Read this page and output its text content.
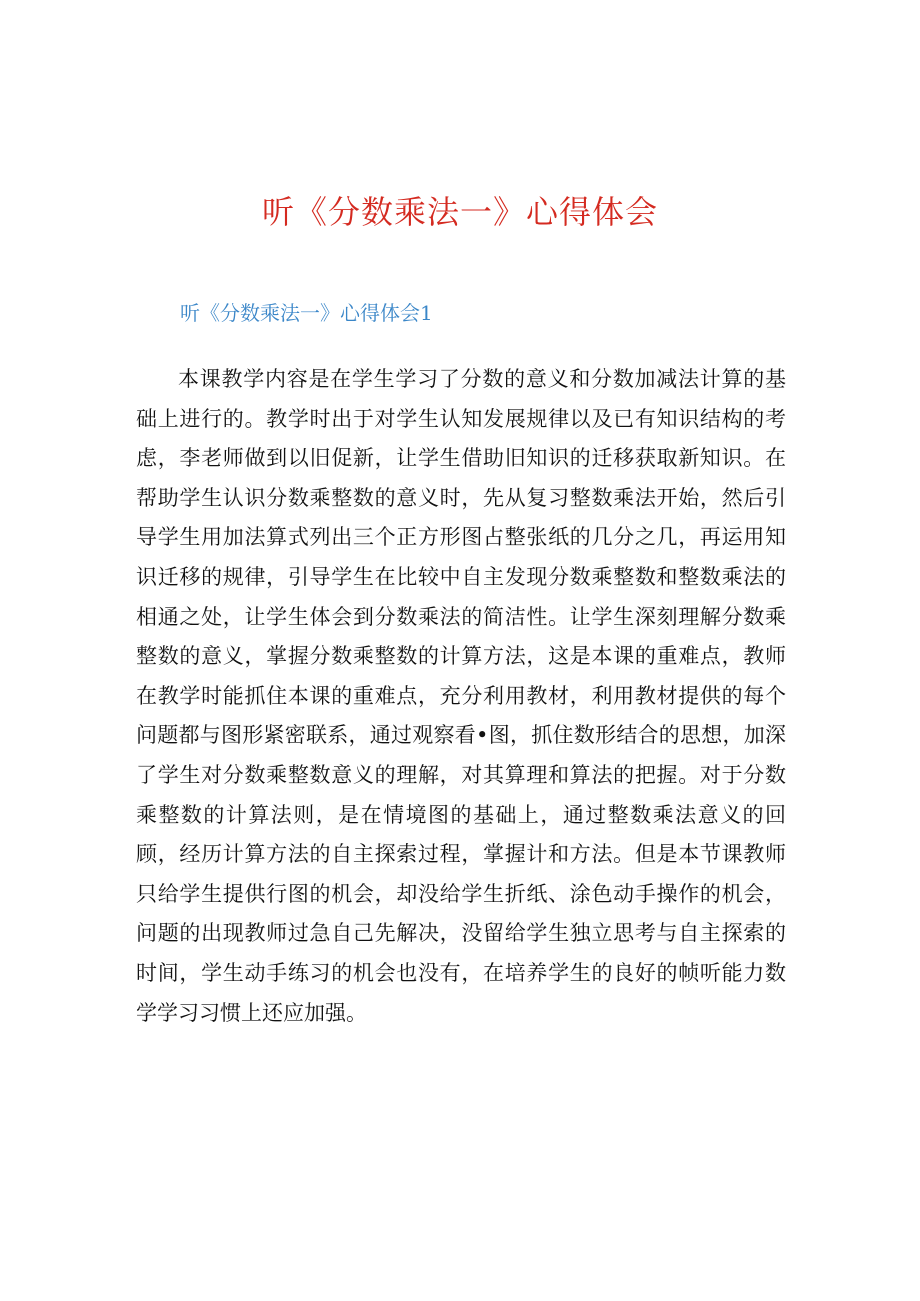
听《分数乘法一》心得体会
听《分数乘法一》心得体会1

本课教学内容是在学生学习了分数的意义和分数加减法计算的基础上进行的。教学时出于对学生认知发展规律以及已有知识结构的考虑，李老师做到以旧促新，让学生借助旧知识的迁移获取新知识。在帮助学生认识分数乘整数的意义时，先从复习整数乘法开始，然后引导学生用加法算式列出三个正方形图占整张纸的几分之几，再运用知识迁移的规律，引导学生在比较中自主发现分数乘整数和整数乘法的相通之处，让学生体会到分数乘法的简洁性。让学生深刻理解分数乘整数的意义，掌握分数乘整数的计算方法，这是本课的重难点，教师在教学时能抓住本课的重难点，充分利用教材，利用教材提供的每个问题都与图形紧密联系，通过观察看•图，抓住数形结合的思想，加深了学生对分数乘整数意义的理解，对其算理和算法的把握。对于分数乘整数的计算法则，是在情境图的基础上，通过整数乘法意义的回顾，经历计算方法的自主探索过程，掌握计和方法。但是本节课教师只给学生提供行图的机会，却没给学生折纸、涂色动手操作的机会，问题的出现教师过急自己先解决，没留给学生独立思考与自主探索的时间，学生动手练习的机会也没有，在培养学生的良好的帧听能力数学学习习惯上还应加强。
